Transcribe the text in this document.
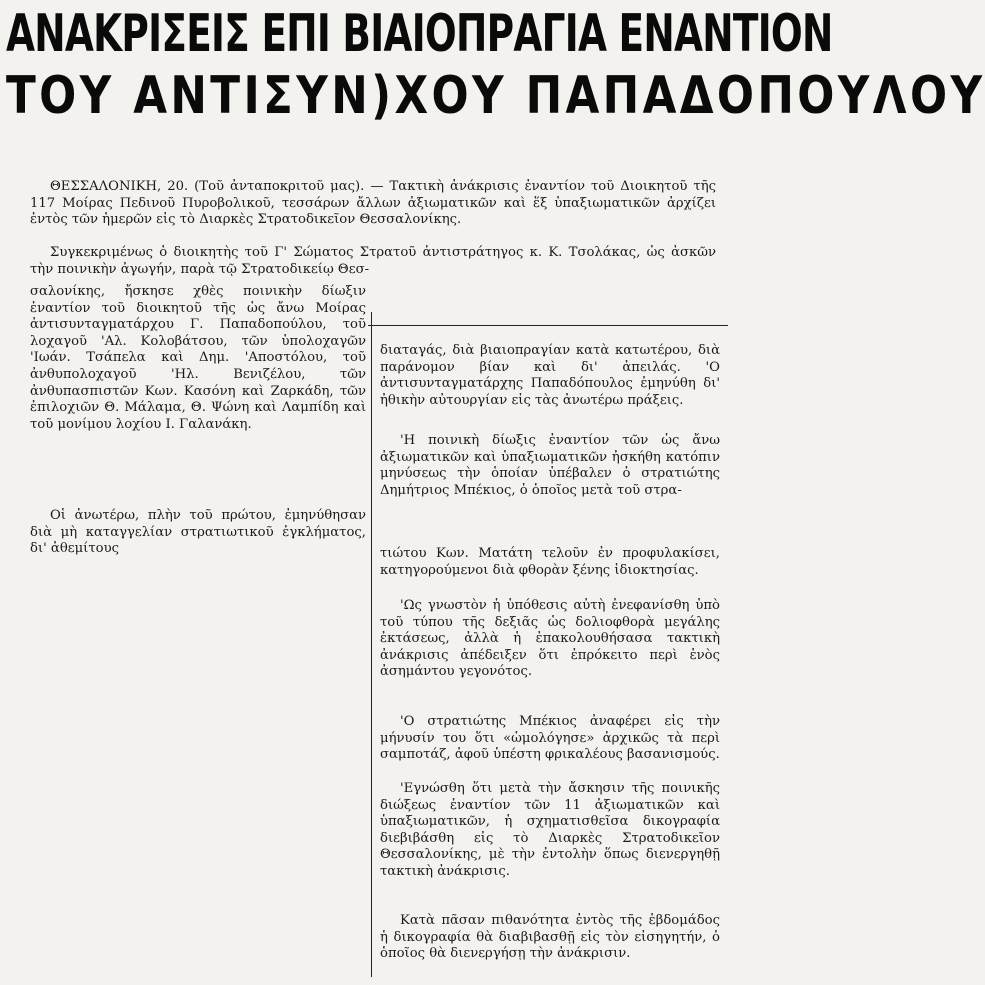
ΑΝΑΚΡΙΣΕΙΣ ΕΠΙ ΒΙΑΙΟΠΡΑΓΙΑ ΕΝΑΝΤΙΟΝ
ΤΟΥ ΑΝΤΙΣΥΝ)ΧΟΥ ΠΑΠΑΔΟΠΟΥΛΟΥ

ΘΕΣΣΑΛΟΝΙΚΗ, 20. (Τοῦ ἀνταποκριτοῦ μας). — Τακτικὴ ἀνάκρισις ἐναντίον τοῦ Διοικητοῦ τῆς 117 Μοίρας Πεδινοῦ Πυροβολικοῦ, τεσσάρων ἄλλων ἀξιωματικῶν καὶ ἕξ ὑπαξιωματικῶν ἀρχίζει ἐντὸς τῶν ἡμερῶν εἰς τὸ Διαρκὲς Στρατοδικεῖον Θεσσαλονίκης.

Συγκεκριμένως ὁ διοικητὴς τοῦ Γ' Σώματος Στρατοῦ ἀντιστράτηγος κ. Κ. Τσολάκας, ὡς ἀσκῶν τὴν ποινικὴν ἀγωγήν, παρὰ τῷ Στρατοδικείῳ Θεσ-

σαλονίκης, ἤσκησε χθὲς ποινικὴν δίωξιν ἐναντίον τοῦ διοικητοῦ τῆς ὡς ἄνω Μοίρας ἀντισυνταγματάρχου Γ. Παπαδοπούλου, τοῦ λοχαγοῦ 'Αλ. Κολοβάτσου, τῶν ὑπολοχαγῶν 'Ιωάν. Τσάπελα καὶ Δημ. 'Αποστόλου, τοῦ ἀνθυπολοχαγοῦ 'Ηλ. Βενιζέλου, τῶν ἀνθυπασπιστῶν Κων. Κασόνη καὶ Ζαρκάδη, τῶν ἐπιλοχιῶν Θ. Μάλαμα, Θ. Ψώνη καὶ Λαμπίδη καὶ τοῦ μονίμου λοχίου Ι. Γαλανάκη.

Οἱ ἀνωτέρω, πλὴν τοῦ πρώτου, ἐμηνύθησαν διὰ μὴ καταγγελίαν στρατιωτικοῦ ἐγκλήματος, δι' ἀθεμίτους

διαταγάς, διὰ βιαιοπραγίαν κατὰ κατωτέρου, διὰ παράνομον βίαν καὶ δι' ἀπειλάς. 'Ο ἀντισυνταγματάρχης Παπαδόπουλος ἐμηνύθη δι' ἠθικὴν αὐτουργίαν εἰς τὰς ἀνωτέρω πράξεις.

'Η ποινικὴ δίωξις ἐναντίον τῶν ὡς ἄνω ἀξιωματικῶν καὶ ὑπαξιωματικῶν ἠσκήθη κατόπιν μηνύσεως τὴν ὁποίαν ὑπέβαλεν ὁ στρατιώτης Δημήτριος Μπέκιος, ὁ ὁποῖος μετὰ τοῦ στρα-

τιώτου Κων. Ματάτη τελοῦν ἐν προφυλακίσει, κατηγορούμενοι διὰ φθορὰν ξένης ἰδιοκτησίας.

'Ως γνωστὸν ἡ ὑπόθεσις αὐτὴ ἐνεφανίσθη ὑπὸ τοῦ τύπου τῆς δεξιᾶς ὡς δολιοφθορὰ μεγάλης ἐκτάσεως, ἀλλὰ ἡ ἐπακολουθήσασα τακτικὴ ἀνάκρισις ἀπέδειξεν ὅτι ἐπρόκειτο περὶ ἑνὸς ἀσημάντου γεγονότος.

'Ο στρατιώτης Μπέκιος ἀναφέρει εἰς τὴν μήνυσίν του ὅτι «ὡμολόγησε» ἀρχικῶς τὰ περὶ σαμποτάζ, ἀφοῦ ὑπέστη φρικαλέους βασανισμούς.

'Εγνώσθη ὅτι μετὰ τὴν ἄσκησιν τῆς ποινικῆς διώξεως ἐναντίον τῶν 11 ἀξιωματικῶν καὶ ὑπαξιωματικῶν, ἡ σχηματισθεῖσα δικογραφία διεβιβάσθη εἰς τὸ Διαρκὲς Στρατοδικεῖον Θεσσαλονίκης, μὲ τὴν ἐντολὴν ὅπως διενεργηθῇ τακτικὴ ἀνάκρισις.

Κατὰ πᾶσαν πιθανότητα ἐντὸς τῆς ἑβδομάδος ἡ δικογραφία θὰ διαβιβασθῇ εἰς τὸν εἰσηγητήν, ὁ ὁποῖος θὰ διενεργήσῃ τὴν ἀνάκρισιν.
